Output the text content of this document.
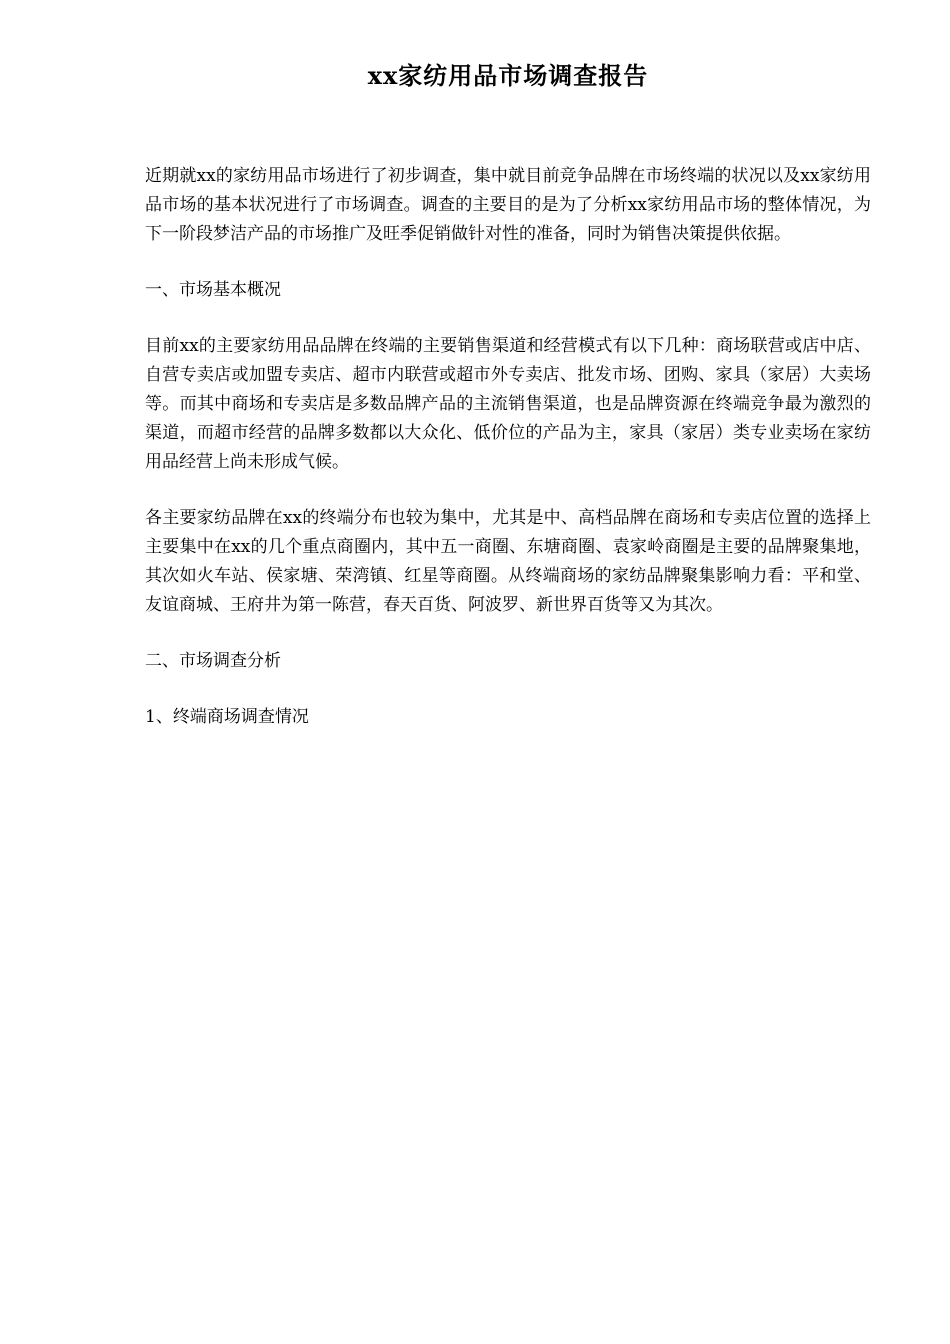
xx家纺用品市场调查报告

近期就xx的家纺用品市场进行了初步调查，集中就目前竞争品牌在市场终端的状况以及xx家纺用品市场的基本状况进行了市场调查。调查的主要目的是为了分析xx家纺用品市场的整体情况，为下一阶段梦洁产品的市场推广及旺季促销做针对性的准备，同时为销售决策提供依据。

一、市场基本概况

目前xx的主要家纺用品品牌在终端的主要销售渠道和经营模式有以下几种：商场联营或店中店、自营专卖店或加盟专卖店、超市内联营或超市外专卖店、批发市场、团购、家具（家居）大卖场等。而其中商场和专卖店是多数品牌产品的主流销售渠道，也是品牌资源在终端竞争最为激烈的渠道，而超市经营的品牌多数都以大众化、低价位的产品为主，家具（家居）类专业卖场在家纺用品经营上尚未形成气候。

各主要家纺品牌在xx的终端分布也较为集中，尤其是中、高档品牌在商场和专卖店位置的选择上主要集中在xx的几个重点商圈内，其中五一商圈、东塘商圈、袁家岭商圈是主要的品牌聚集地，其次如火车站、侯家塘、荣湾镇、红星等商圈。从终端商场的家纺品牌聚集影响力看：平和堂、友谊商城、王府井为第一陈营，春天百货、阿波罗、新世界百货等又为其次。

二、市场调查分析

1、终端商场调查情况
